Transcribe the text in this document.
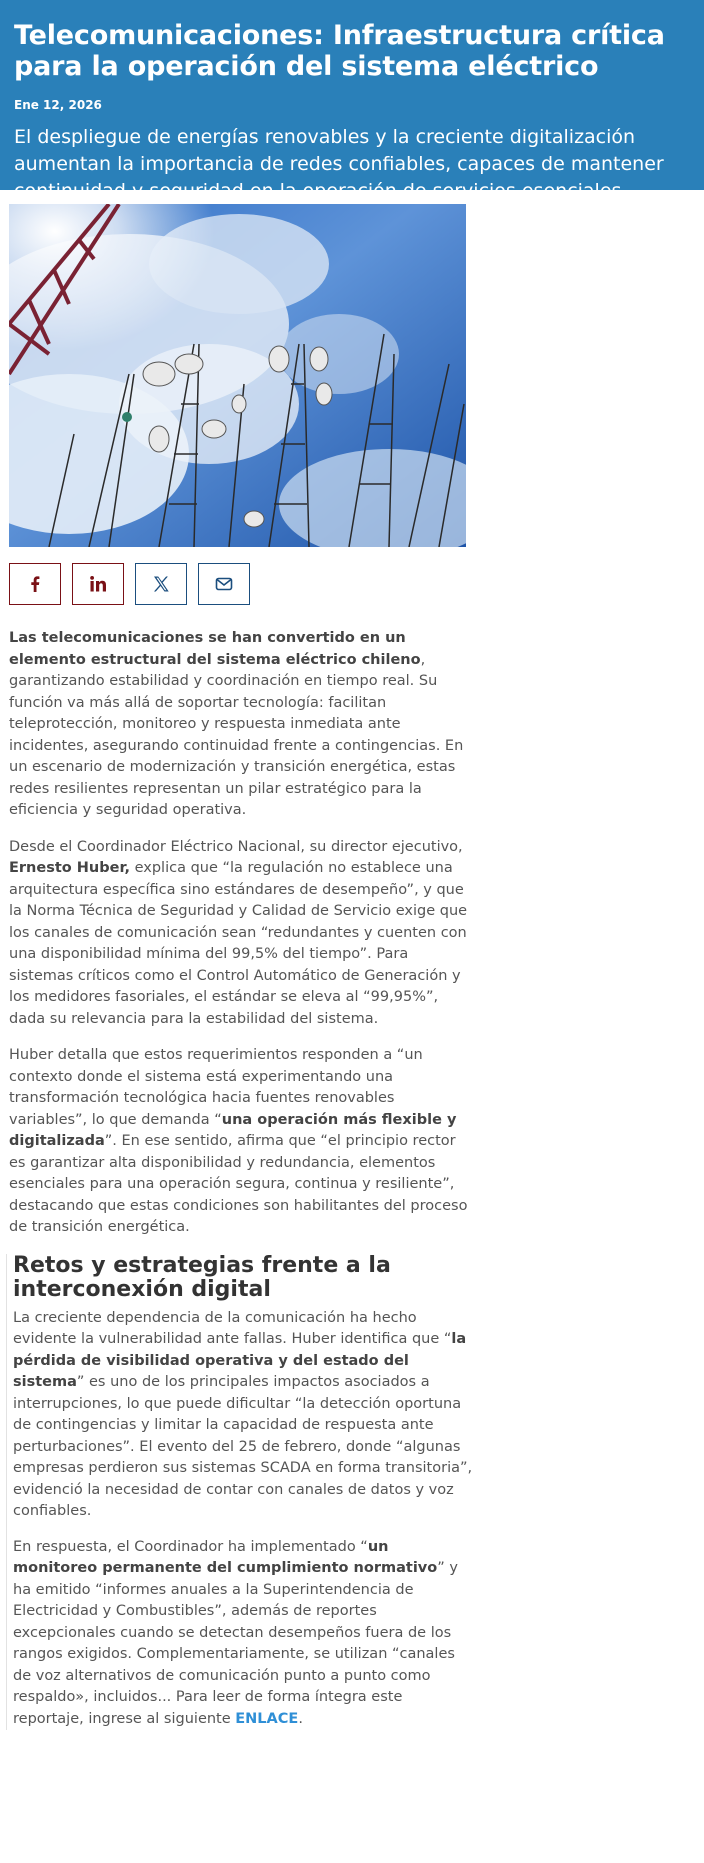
Telecomunicaciones: Infraestructura crítica para la operación del sistema eléctrico
Ene 12, 2026
El despliegue de energías renovables y la creciente digitalización aumentan la importancia de redes confiables, capaces de mantener continuidad y seguridad en la operación de servicios esenciales.

Las telecomunicaciones se han convertido en un elemento estructural del sistema eléctrico chileno, garantizando estabilidad y coordinación en tiempo real. Su función va más allá de soportar tecnología: facilitan teleprotección, monitoreo y respuesta inmediata ante incidentes, asegurando continuidad frente a contingencias. En un escenario de modernización y transición energética, estas redes resilientes representan un pilar estratégico para la eficiencia y seguridad operativa.

Desde el Coordinador Eléctrico Nacional, su director ejecutivo, Ernesto Huber, explica que “la regulación no establece una arquitectura específica sino estándares de desempeño”, y que la Norma Técnica de Seguridad y Calidad de Servicio exige que los canales de comunicación sean “redundantes y cuenten con una disponibilidad mínima del 99,5% del tiempo”. Para sistemas críticos como el Control Automático de Generación y los medidores fasoriales, el estándar se eleva al “99,95%”, dada su relevancia para la estabilidad del sistema.

Huber detalla que estos requerimientos responden a “un contexto donde el sistema está experimentando una transformación tecnológica hacia fuentes renovables variables”, lo que demanda “una operación más flexible y digitalizada”. En ese sentido, afirma que “el principio rector es garantizar alta disponibilidad y redundancia, elementos esenciales para una operación segura, continua y resiliente”, destacando que estas condiciones son habilitantes del proceso de transición energética.

Retos y estrategias frente a la interconexión digital

La creciente dependencia de la comunicación ha hecho evidente la vulnerabilidad ante fallas. Huber identifica que “la pérdida de visibilidad operativa y del estado del sistema” es uno de los principales impactos asociados a interrupciones, lo que puede dificultar “la detección oportuna de contingencias y limitar la capacidad de respuesta ante perturbaciones”. El evento del 25 de febrero, donde “algunas empresas perdieron sus sistemas SCADA en forma transitoria”, evidenció la necesidad de contar con canales de datos y voz confiables.

En respuesta, el Coordinador ha implementado “un monitoreo permanente del cumplimiento normativo” y ha emitido “informes anuales a la Superintendencia de Electricidad y Combustibles”, además de reportes excepcionales cuando se detectan desempeños fuera de los rangos exigidos. Complementariamente, se utilizan “canales de voz alternativos de comunicación punto a punto como respaldo», incluidos... Para leer de forma íntegra este reportaje, ingrese al siguiente ENLACE.
